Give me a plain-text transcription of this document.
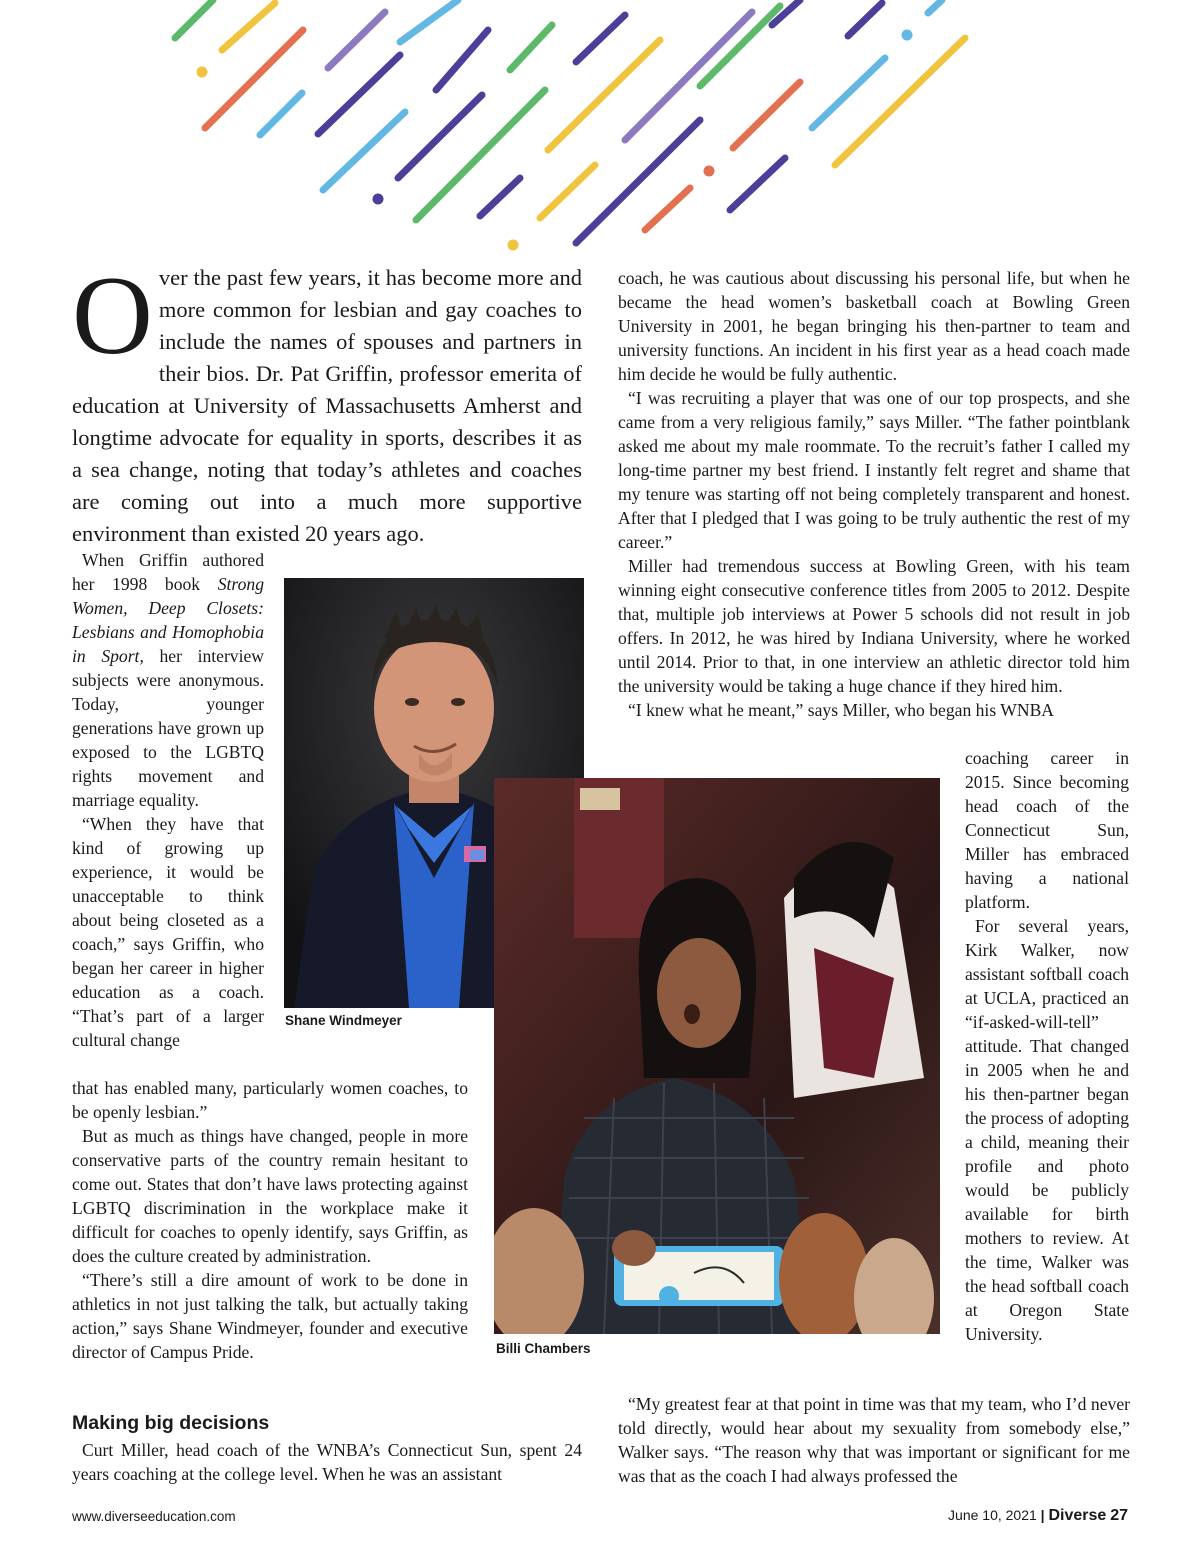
Over the past few years, it has become more and more common for lesbian and gay coaches to include the names of spouses and partners in their bios. Dr. Pat Griffin, professor emerita of education at University of Massachusetts Amherst and longtime advocate for equality in sports, describes it as a sea change, noting that today’s athletes and coaches are coming out into a much more supportive environment than existed 20 years ago.

When Griffin authored her 1998 book Strong Women, Deep Closets: Lesbians and Homophobia in Sport, her interview subjects were anonymous. Today, younger generations have grown up exposed to the LGBTQ rights movement and marriage equality.

“When they have that kind of growing up experience, it would be unacceptable to think about being closeted as a coach,” says Griffin, who began her career in higher education as a coach. “That’s part of a larger cultural change

that has enabled many, particularly women coaches, to be openly lesbian.”

But as much as things have changed, people in more conservative parts of the country remain hesitant to come out. States that don’t have laws protecting against LGBTQ discrimination in the workplace make it difficult for coaches to openly identify, says Griffin, as does the culture created by administration.

“There’s still a dire amount of work to be done in athletics in not just talking the talk, but actually taking action,” says Shane Windmeyer, founder and executive director of Campus Pride.

Making big decisions

Curt Miller, head coach of the WNBA’s Connecticut Sun, spent 24 years coaching at the college level. When he was an assistant

coach, he was cautious about discussing his personal life, but when he became the head women’s basketball coach at Bowling Green University in 2001, he began bringing his then-partner to team and university functions. An incident in his first year as a head coach made him decide he would be fully authentic.

“I was recruiting a player that was one of our top prospects, and she came from a very religious family,” says Miller. “The father pointblank asked me about my male roommate. To the recruit’s father I called my long-time partner my best friend. I instantly felt regret and shame that my tenure was starting off not being completely transparent and honest. After that I pledged that I was going to be truly authentic the rest of my career.”

Miller had tremendous success at Bowling Green, with his team winning eight consecutive conference titles from 2005 to 2012. Despite that, multiple job interviews at Power 5 schools did not result in job offers. In 2012, he was hired by Indiana University, where he worked until 2014. Prior to that, in one interview an athletic director told him the university would be taking a huge chance if they hired him.

“I knew what he meant,” says Miller, who began his WNBA

coaching career in 2015. Since becoming head coach of the Connecticut Sun, Miller has embraced having a national platform.

For several years, Kirk Walker, now assistant softball coach at UCLA, practiced an “if-asked-will-tell” attitude. That changed in 2005 when he and his then-partner began the process of adopting a child, meaning their profile and photo would be publicly available for birth mothers to review. At the time, Walker was the head softball coach at Oregon State University.

“My greatest fear at that point in time was that my team, who I’d never told directly, would hear about my sexuality from somebody else,” Walker says. “The reason why that was important or significant for me was that as the coach I had always professed the

Shane Windmeyer
Billi Chambers
www.diverseeducation.com	June 10, 2021 | Diverse 27
